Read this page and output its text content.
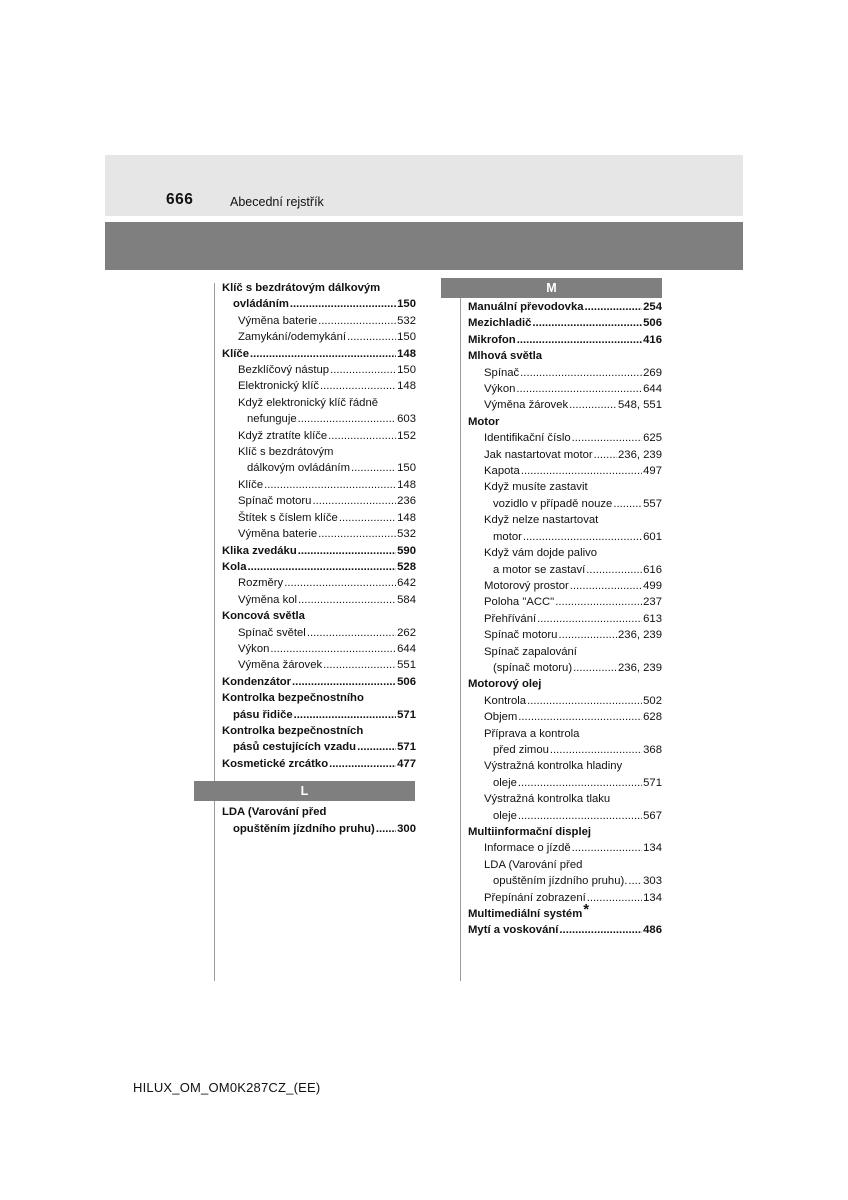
666	Abecední rejstřík
Klíč s bezdrátovým dálkovým
ovládáním .....	150
Výměna baterie .....	532
Zamykání/odemykání .....	150
Klíče .....	148
Bezklíčový nástup .....	150
Elektronický klíč .....	148
Když elektronický klíč řádně
nefunguje .....	603
Když ztratíte klíče .....	152
Klíč s bezdrátovým
dálkovým ovládáním .....	150
Klíče .....	148
Spínač motoru .....	236
Štítek s číslem klíče .....	148
Výměna baterie .....	532
Klika zvedáku .....	590
Kola .....	528
Rozměry .....	642
Výměna kol .....	584
Koncová světla
Spínač světel .....	262
Výkon .....	644
Výměna žárovek .....	551
Kondenzátor .....	506
Kontrolka bezpečnostního
pásu řidiče .....	571
Kontrolka bezpečnostních
pásů cestujících vzadu .....	571
Kosmetické zrcátko .....	477
L
LDA (Varování před
opuštěním jízdního pruhu) ..... 300
M
Manuální převodovka .....	254
Mezichladič .....	506
Mikrofon .....	416
Mlhová světla
Spínač .....	269
Výkon .....	644
Výměna žárovek .....	548, 551
Motor
Identifikační číslo .....	625
Jak nastartovat motor ..... 236, 239
Kapota .....	497
Když musíte zastavit
vozidlo v případě nouze .....	557
Když nelze nastartovat
motor .....	601
Když vám dojde palivo
a motor se zastaví .....	616
Motorový prostor .....	499
Poloha "ACC" .....	237
Přehřívání .....	613
Spínač motoru .....	236, 239
Spínač zapalování
(spínač motoru) .....	236, 239
Motorový olej
Kontrola .....	502
Objem .....	628
Příprava a kontrola
před zimou .....	368
Výstražná kontrolka hladiny
oleje .....	571
Výstražná kontrolka tlaku
oleje .....	567
Multiinformační displej
Informace o jízdě .....	134
LDA (Varování před
opuštěním jízdního pruhu). ..... 303
Přepínání zobrazení .....	134
Multimediální systém *
Mytí a voskování .....	486
HILUX_OM_OM0K287CZ_(EE)
